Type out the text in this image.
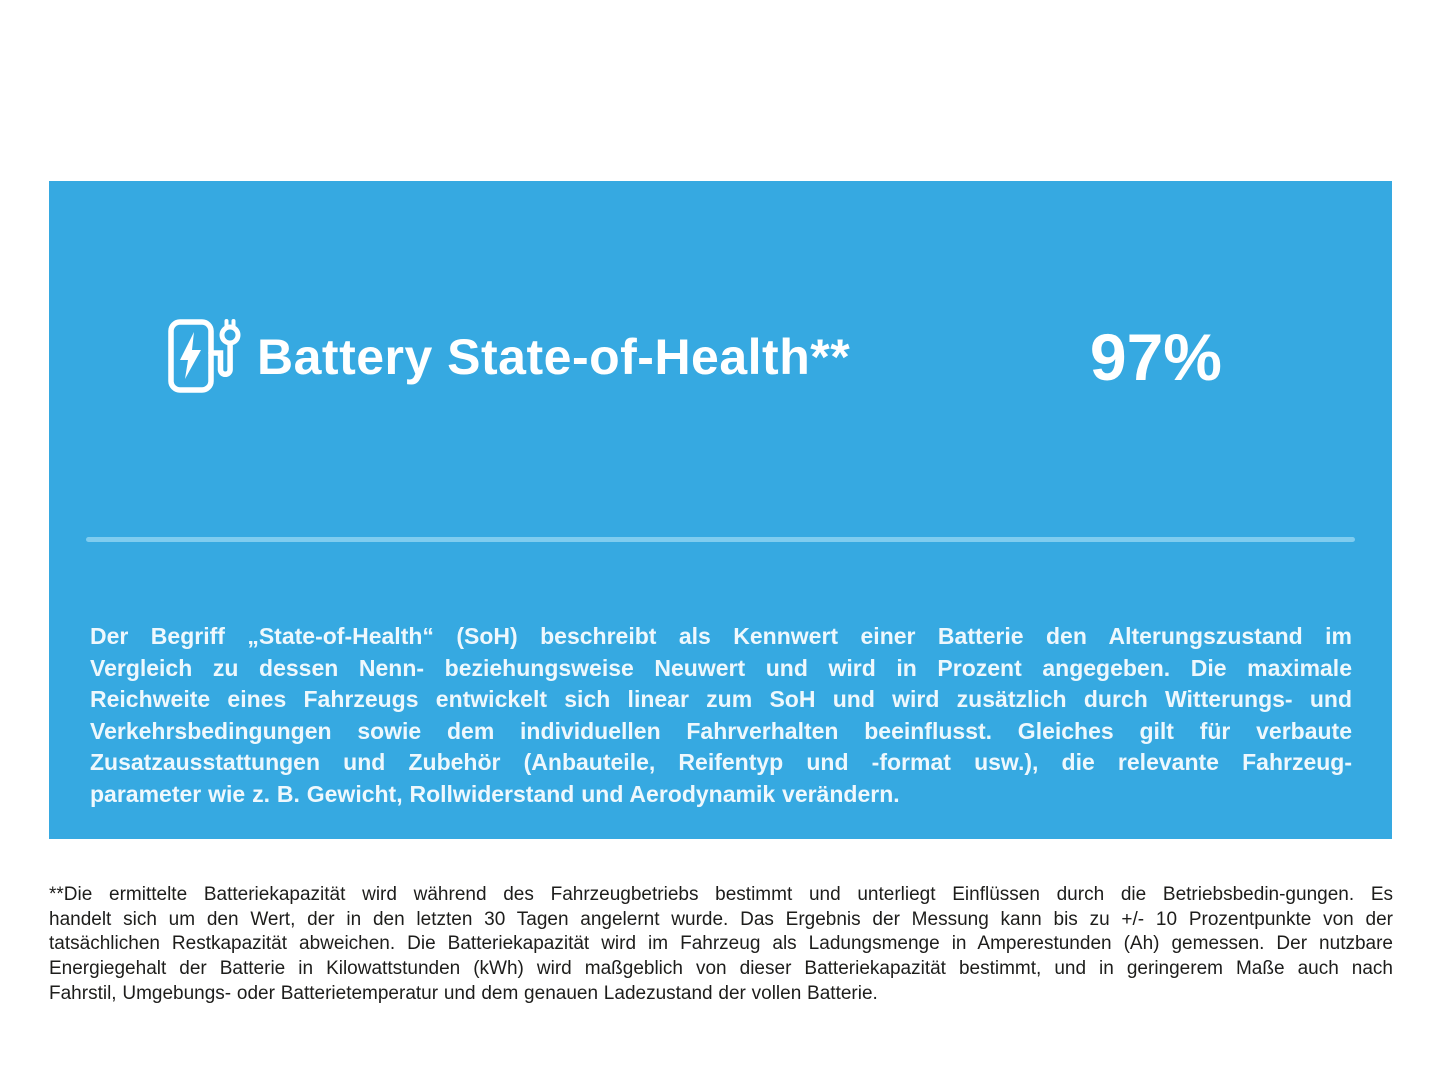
Battery State-of-Health**	97%

Der Begriff „State-of-Health“ (SoH) beschreibt als Kennwert einer Batterie den Alterungszustand im

Vergleich zu dessen Nenn- beziehungsweise Neuwert und wird in Prozent angegeben. Die maximale

Reichweite eines Fahrzeugs entwickelt sich linear zum SoH und wird zusätzlich durch Witterungs- und

Verkehrsbedingungen sowie dem individuellen Fahrverhalten beeinflusst. Gleiches gilt für verbaute

Zusatzausstattungen und Zubehör (Anbauteile, Reifentyp und -format usw.), die relevante Fahrzeug-

parameter wie z. B. Gewicht, Rollwiderstand und Aerodynamik verändern.

**Die ermittelte Batteriekapazität wird während des Fahrzeugbetriebs bestimmt und unterliegt Einflüssen durch die Betriebsbedin-gungen. Es

handelt sich um den Wert, der in den letzten 30 Tagen angelernt wurde. Das Ergebnis der Messung kann bis zu +/- 10 Prozentpunkte von der

tatsächlichen Restkapazität abweichen. Die Batteriekapazität wird im Fahrzeug als Ladungsmenge in Amperestunden (Ah) gemessen. Der nutzbare

Energiegehalt der Batterie in Kilowattstunden (kWh) wird maßgeblich von dieser Batteriekapazität bestimmt, und in geringerem Maße auch nach

Fahrstil, Umgebungs- oder Batterietemperatur und dem genauen Ladezustand der vollen Batterie.
